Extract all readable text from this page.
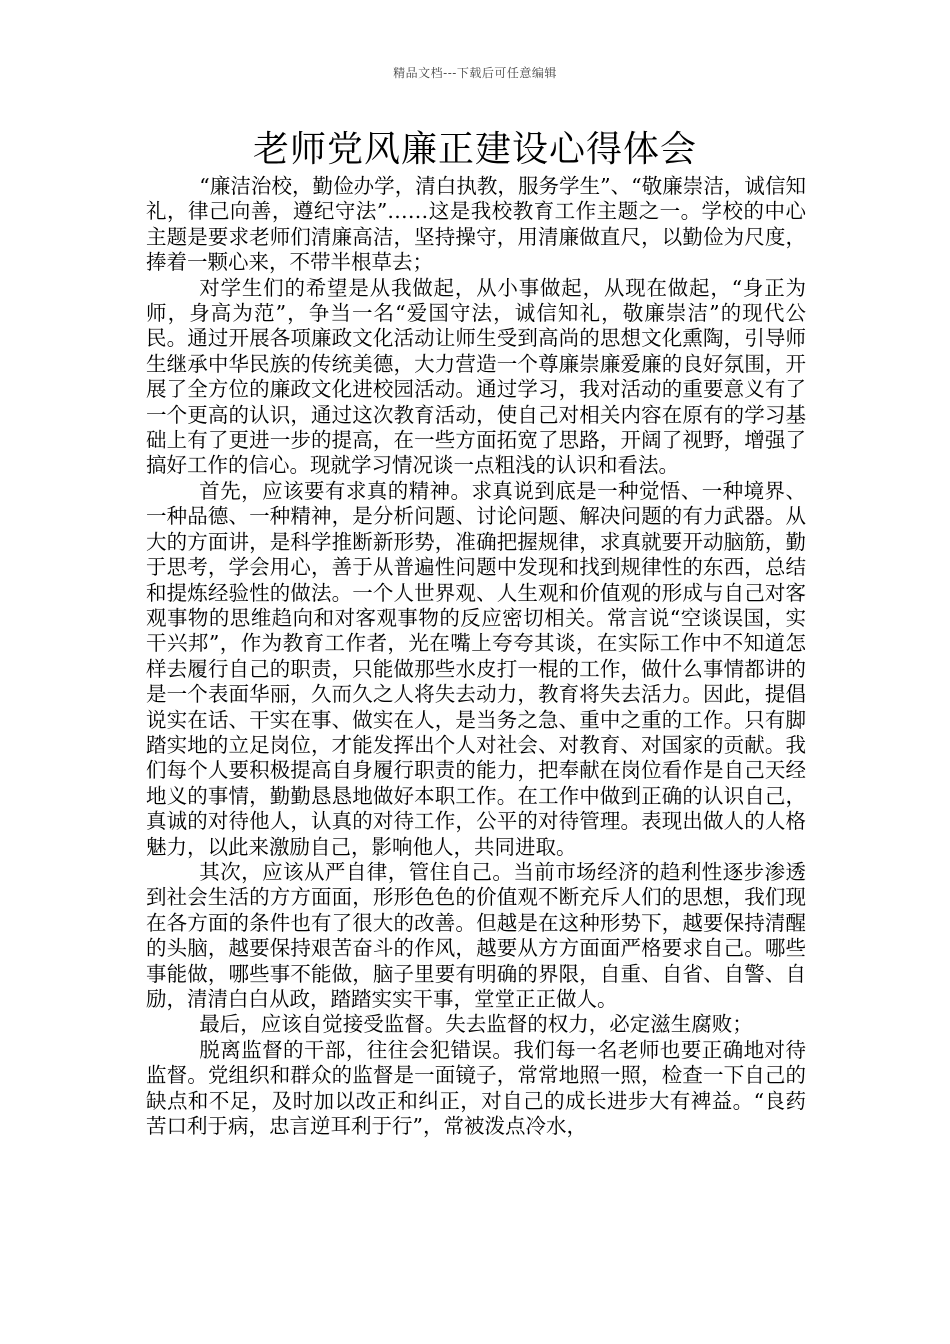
精品文档---下载后可任意编辑
老师党风廉正建设心得体会

“廉洁治校，勤俭办学，清白执教，服务学生”、“敬廉崇洁，诚信知礼，律己向善，遵纪守法”……这是我校教育工作主题之一。学校的中心主题是要求老师们清廉高洁，坚持操守，用清廉做直尺，以勤俭为尺度，捧着一颗心来，不带半根草去；

对学生们的希望是从我做起，从小事做起，从现在做起，“身正为师，身高为范”，争当一名“爱国守法，诚信知礼，敬廉崇洁”的现代公民。通过开展各项廉政文化活动让师生受到高尚的思想文化熏陶，引导师生继承中华民族的传统美德，大力营造一个尊廉崇廉爱廉的良好氛围，开展了全方位的廉政文化进校园活动。通过学习，我对活动的重要意义有了一个更高的认识，通过这次教育活动，使自己对相关内容在原有的学习基础上有了更进一步的提高，在一些方面拓宽了思路，开阔了视野，增强了搞好工作的信心。现就学习情况谈一点粗浅的认识和看法。

首先，应该要有求真的精神。求真说到底是一种觉悟、一种境界、一种品德、一种精神，是分析问题、讨论问题、解决问题的有力武器。从大的方面讲，是科学推断新形势，准确把握规律，求真就要开动脑筋，勤于思考，学会用心，善于从普遍性问题中发现和找到规律性的东西，总结和提炼经验性的做法。一个人世界观、人生观和价值观的形成与自己对客观事物的思维趋向和对客观事物的反应密切相关。常言说“空谈误国，实干兴邦”，作为教育工作者，光在嘴上夸夸其谈，在实际工作中不知道怎样去履行自己的职责，只能做那些水皮打一棍的工作，做什么事情都讲的是一个表面华丽，久而久之人将失去动力，教育将失去活力。因此，提倡说实在话、干实在事、做实在人，是当务之急、重中之重的工作。只有脚踏实地的立足岗位，才能发挥出个人对社会、对教育、对国家的贡献。我们每个人要积极提高自身履行职责的能力，把奉献在岗位看作是自己天经地义的事情，勤勤恳恳地做好本职工作。在工作中做到正确的认识自己，真诚的对待他人，认真的对待工作，公平的对待管理。表现出做人的人格魅力，以此来激励自己，影响他人，共同进取。

其次，应该从严自律，管住自己。当前市场经济的趋利性逐步渗透到社会生活的方方面面，形形色色的价值观不断充斥人们的思想，我们现在各方面的条件也有了很大的改善。但越是在这种形势下，越要保持清醒的头脑，越要保持艰苦奋斗的作风，越要从方方面面严格要求自己。哪些事能做，哪些事不能做，脑子里要有明确的界限，自重、自省、自警、自励，清清白白从政，踏踏实实干事，堂堂正正做人。

最后，应该自觉接受监督。失去监督的权力，必定滋生腐败；

脱离监督的干部，往往会犯错误。我们每一名老师也要正确地对待监督。党组织和群众的监督是一面镜子，常常地照一照，检查一下自己的缺点和不足，及时加以改正和纠正，对自己的成长进步大有裨益。“良药苦口利于病，忠言逆耳利于行”，常被泼点冷水，
